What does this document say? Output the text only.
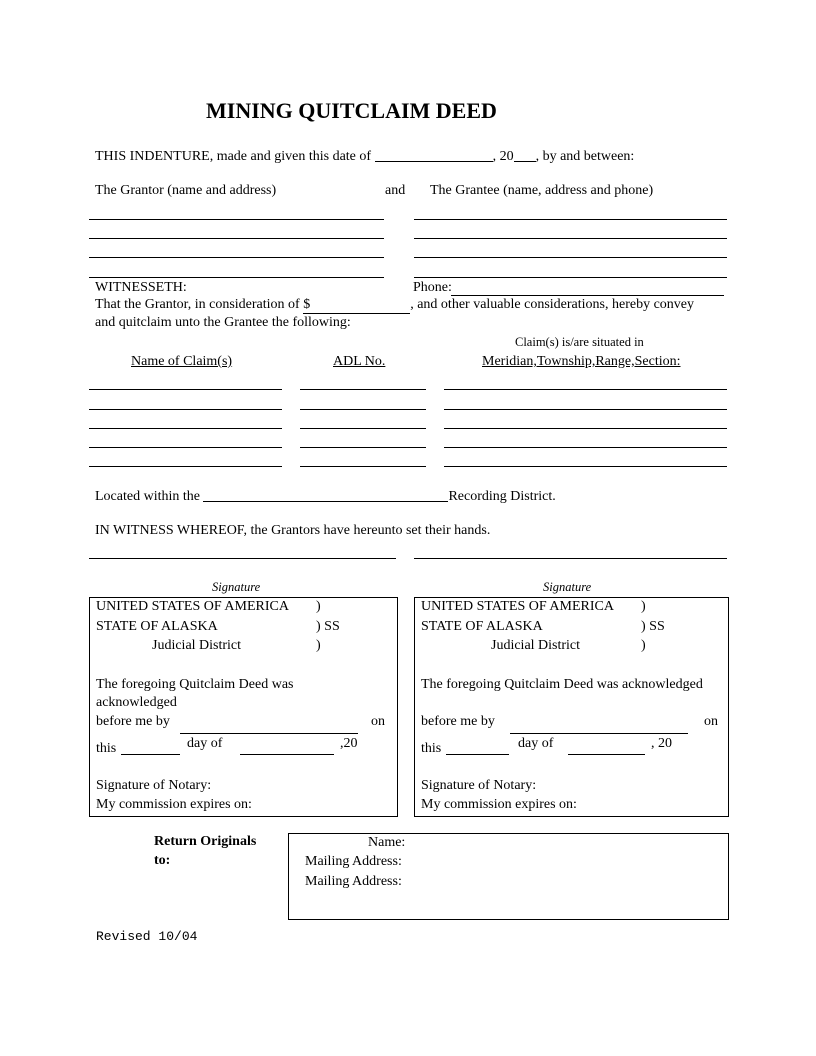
MINING QUITCLAIM DEED
THIS INDENTURE, made and given this date of	, 20 , by and between:
The Grantor (name and address)	and The Grantee (name, address and phone)
WITNESSETH:	Phone:
That the Grantor, in consideration of $	, and other valuable considerations, hereby convey
and quitclaim unto the Grantee the following:
Claim(s) is/are situated in
Name of Claim(s)	ADL No.	Meridian,Township,Range,Section:
Located within the	Recording District.
IN WITNESS WHEREOF, the Grantors have hereunto set their hands.
Signature	Signature
UNITED STATES OF AMERICA )
STATE OF ALASKA	) SS
Judicial District	)
The foregoing Quitclaim Deed was
acknowledged
before me by	on
this	day of	,20
Signature of Notary:
My commission expires on:
UNITED STATES OF AMERICA )
STATE OF ALASKA	) SS
Judicial District	)
The foregoing Quitclaim Deed was acknowledged
before me by	on
this	day of	, 20
Signature of Notary:
My commission expires on:
Return Originals
to:
Name:
Mailing Address:
Mailing Address:
Revised 10/04
